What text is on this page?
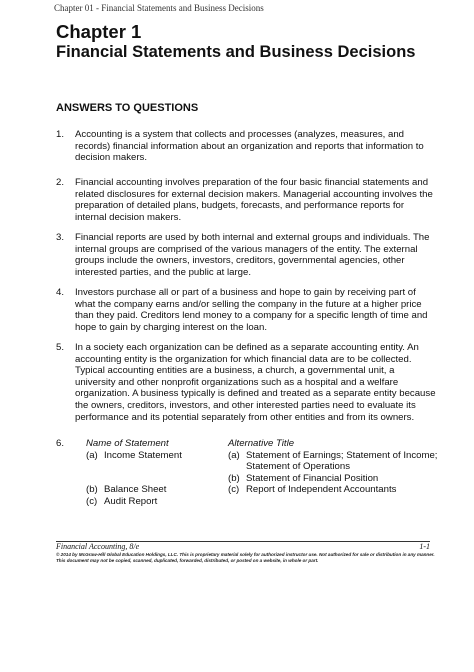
Chapter 01 - Financial Statements and Business Decisions
Chapter 1
Financial Statements and Business Decisions
ANSWERS TO QUESTIONS
1. Accounting is a system that collects and processes (analyzes, measures, and records) financial information about an organization and reports that information to decision makers.
2. Financial accounting involves preparation of the four basic financial statements and related disclosures for external decision makers. Managerial accounting involves the preparation of detailed plans, budgets, forecasts, and performance reports for internal decision makers.
3. Financial reports are used by both internal and external groups and individuals. The internal groups are comprised of the various managers of the entity. The external groups include the owners, investors, creditors, governmental agencies, other interested parties, and the public at large.
4. Investors purchase all or part of a business and hope to gain by receiving part of what the company earns and/or selling the company in the future at a higher price than they paid. Creditors lend money to a company for a specific length of time and hope to gain by charging interest on the loan.
5. In a society each organization can be defined as a separate accounting entity. An accounting entity is the organization for which financial data are to be collected. Typical accounting entities are a business, a church, a governmental unit, a university and other nonprofit organizations such as a hospital and a welfare organization. A business typically is defined and treated as a separate entity because the owners, creditors, investors, and other interested parties need to evaluate its performance and its potential separately from other entities and from its owners.
6. Name of Statement
(a) Income Statement
(b) Balance Sheet
(c) Audit Report
Alternative Title
(a) Statement of Earnings; Statement of Income; Statement of Operations
(b) Statement of Financial Position
(c) Report of Independent Accountants
Financial Accounting, 8/e	1-1
© 2014 by McGraw-Hill Global Education Holdings, LLC. This is proprietary material solely for authorized instructor use. Not authorized for sale or distribution in any manner. This document may not be copied, scanned, duplicated, forwarded, distributed, or posted on a website, in whole or part.
